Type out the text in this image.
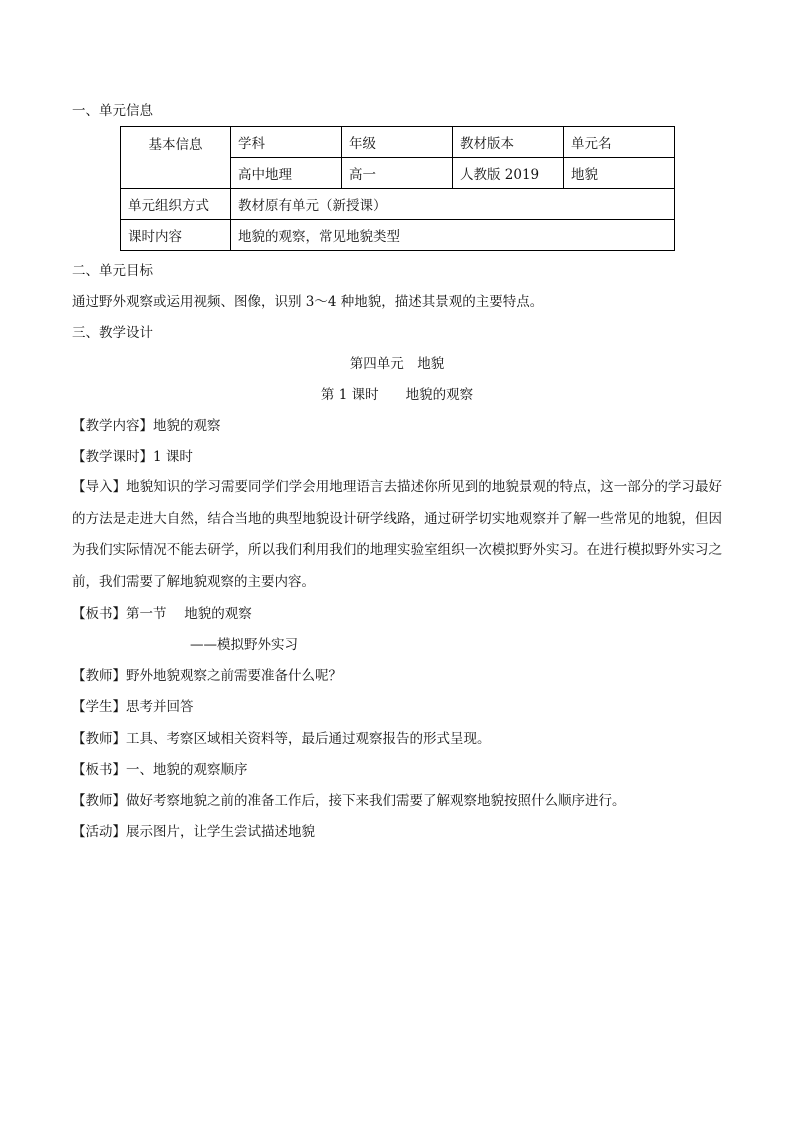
一、单元信息
基本信息	学科	年级	教材版本	单元名
	高中地理	高一	人教版 2019	地貌
单元组织方式	教材原有单元（新授课）			
课时内容	地貌的观察，常见地貌类型			
二、单元目标
通过野外观察或运用视频、图像，识别 3～4 种地貌，描述其景观的主要特点。
三、教学设计
第四单元　地貌
第 1 课时　　地貌的观察
【教学内容】地貌的观察
【教学课时】1 课时
【导入】地貌知识的学习需要同学们学会用地理语言去描述你所见到的地貌景观的特点，这一部分的学习最好的方法是走进大自然，结合当地的典型地貌设计研学线路，通过研学切实地观察并了解一些常见的地貌，但因为我们实际情况不能去研学，所以我们利用我们的地理实验室组织一次模拟野外实习。在进行模拟野外实习之前，我们需要了解地貌观察的主要内容。
【板书】第一节　 地貌的观察
——模拟野外实习
【教师】野外地貌观察之前需要准备什么呢？
【学生】思考并回答
【教师】工具、考察区域相关资料等，最后通过观察报告的形式呈现。
【板书】一、地貌的观察顺序
【教师】做好考察地貌之前的准备工作后，接下来我们需要了解观察地貌按照什么顺序进行。
【活动】展示图片，让学生尝试描述地貌
